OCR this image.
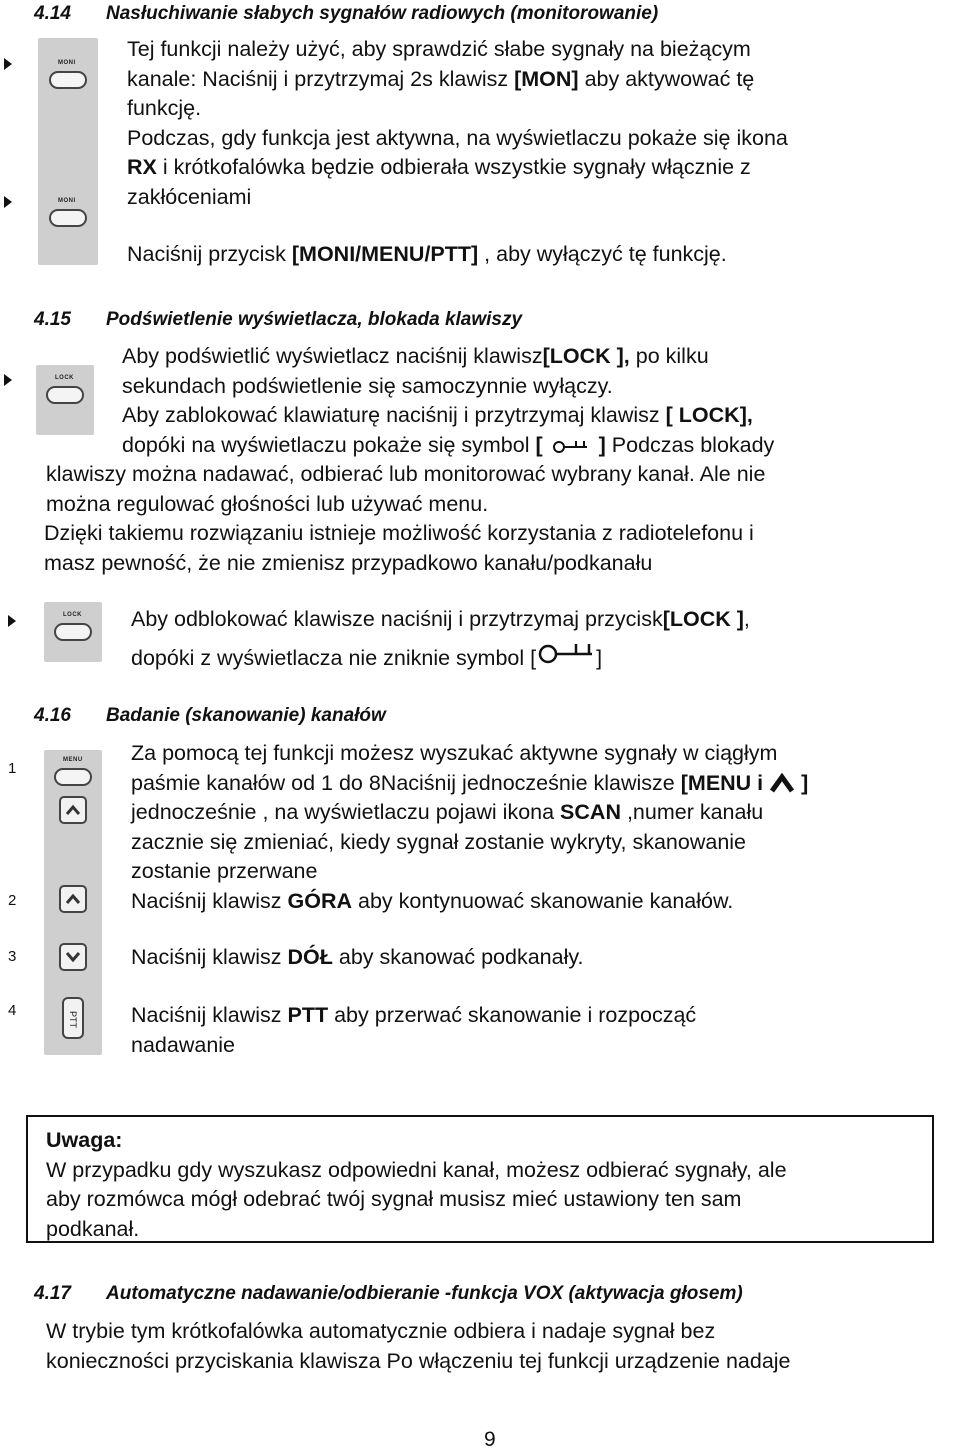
4.14 Nasłuchiwanie słabych sygnałów radiowych (monitorowanie)
MONI
MONI
Tej funkcji należy użyć, aby sprawdzić słabe sygnały na bieżącym
kanale: Naciśnij i przytrzymaj 2s klawisz [MON] aby aktywować tę
funkcję.
Podczas, gdy funkcja jest aktywna, na wyświetlaczu pokaże się ikona
RX i krótkofalówka będzie odbierała wszystkie sygnały włącznie z
zakłóceniami
Naciśnij przycisk [MONI/MENU/PTT] , aby wyłączyć tę funkcję.
4.15 Podświetlenie wyświetlacza, blokada klawiszy
LOCK
Aby podświetlić wyświetlacz naciśnij klawisz[LOCK ], po kilku
sekundach podświetlenie się samoczynnie wyłączy.
Aby zablokować klawiaturę naciśnij i przytrzymaj klawisz [ LOCK],
dopóki na wyświetlaczu pokaże się symbol [	] Podczas blokady
klawiszy można nadawać, odbierać lub monitorować wybrany kanał. Ale nie
można regulować głośności lub używać menu.
Dzięki takiemu rozwiązaniu istnieje możliwość korzystania z radiotelefonu i
masz pewność, że nie zmienisz przypadkowo kanału/podkanału
LOCK Aby odblokować klawisze naciśnij i przytrzymaj przycisk[LOCK ],
dopóki z wyświetlacza nie zniknie symbol [	]
4.16 Badanie (skanowanie) kanałów
1
2
3
4
MENU
PTT
Za pomocą tej funkcji możesz wyszukać aktywne sygnały w ciągłym
paśmie kanałów od 1 do 8Naciśnij jednocześnie klawisze [MENU i  ]
jednocześnie , na wyświetlaczu pojawi ikona SCAN ,numer kanału
zacznie się zmieniać, kiedy sygnał zostanie wykryty, skanowanie
zostanie przerwane
Naciśnij klawisz GÓRA aby kontynuować skanowanie kanałów.
Naciśnij klawisz DÓŁ aby skanować podkanały.
Naciśnij klawisz PTT aby przerwać skanowanie i rozpocząć
nadawanie
Uwaga:
W przypadku gdy wyszukasz odpowiedni kanał, możesz odbierać sygnały, ale
aby rozmówca mógł odebrać twój sygnał musisz mieć ustawiony ten sam
podkanał.
4.17 Automatyczne nadawanie/odbieranie -funkcja VOX (aktywacja głosem)
W trybie tym krótkofalówka automatycznie odbiera i nadaje sygnał bez
konieczności przyciskania klawisza Po włączeniu tej funkcji urządzenie nadaje
9
